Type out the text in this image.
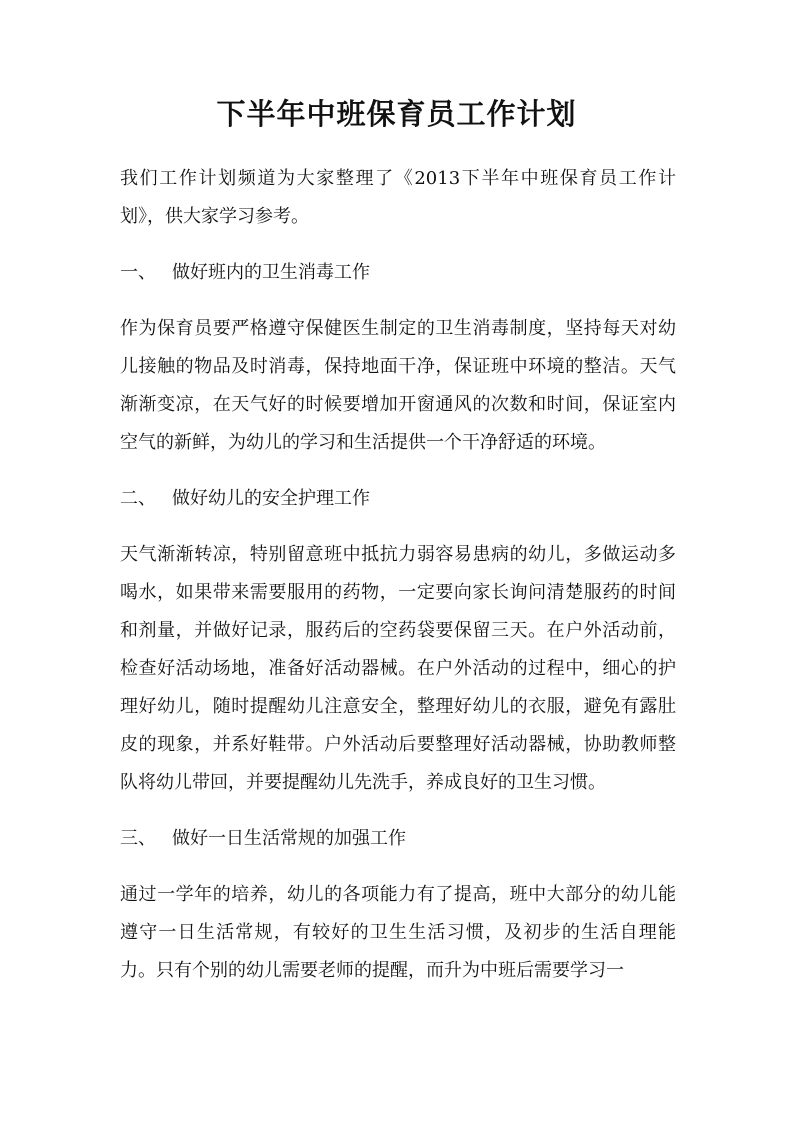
下半年中班保育员工作计划

我们工作计划频道为大家整理了《2013下半年中班保育员工作计划》，供大家学习参考。

一、 做好班内的卫生消毒工作

作为保育员要严格遵守保健医生制定的卫生消毒制度，坚持每天对幼儿接触的物品及时消毒，保持地面干净，保证班中环境的整洁。天气渐渐变凉，在天气好的时候要增加开窗通风的次数和时间，保证室内空气的新鲜，为幼儿的学习和生活提供一个干净舒适的环境。

二、 做好幼儿的安全护理工作

天气渐渐转凉，特别留意班中抵抗力弱容易患病的幼儿，多做运动多喝水，如果带来需要服用的药物，一定要向家长询问清楚服药的时间和剂量，并做好记录，服药后的空药袋要保留三天。在户外活动前，检查好活动场地，准备好活动器械。在户外活动的过程中，细心的护理好幼儿，随时提醒幼儿注意安全，整理好幼儿的衣服，避免有露肚皮的现象，并系好鞋带。户外活动后要整理好活动器械，协助教师整队将幼儿带回，并要提醒幼儿先洗手，养成良好的卫生习惯。

三、 做好一日生活常规的加强工作

通过一学年的培养，幼儿的各项能力有了提高，班中大部分的幼儿能遵守一日生活常规，有较好的卫生生活习惯，及初步的生活自理能力。只有个别的幼儿需要老师的提醒，而升为中班后需要学习一
